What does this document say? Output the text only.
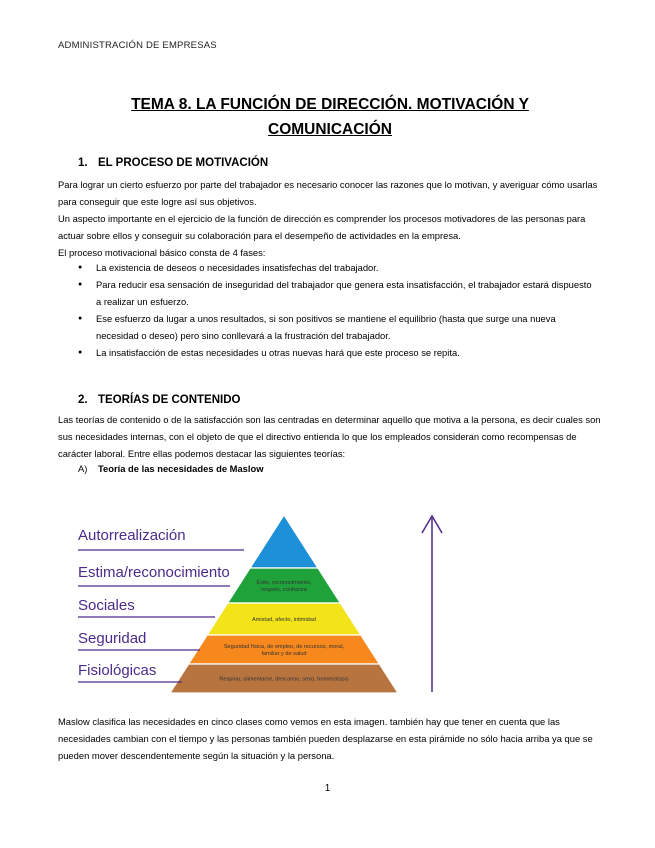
ADMINISTRACIÓN DE EMPRESAS
TEMA 8. LA FUNCIÓN DE DIRECCIÓN. MOTIVACIÓN Y
COMUNICACIÓN
1. EL PROCESO DE MOTIVACIÓN

Para lograr un cierto esfuerzo por parte del trabajador es necesario conocer las razones que lo motivan, y averiguar cómo usarlas para conseguir que este logre así sus objetivos.

Un aspecto importante en el ejercicio de la función de dirección es comprender los procesos motivadores de las personas para actuar sobre ellos y conseguir su colaboración para el desempeño de actividades en la empresa.

El proceso motivacional básico consta de 4 fases:

● La existencia de deseos o necesidades insatisfechas del trabajador.
● Para reducir esa sensación de inseguridad del trabajador que genera esta insatisfacción, el trabajador estará dispuesto a realizar un esfuerzo.
● Ese esfuerzo da lugar a unos resultados, si son positivos se mantiene el equilibrio (hasta que surge una nueva necesidad o deseo) pero sino conllevará a la frustración del trabajador.
● La insatisfacción de estas necesidades u otras nuevas hará que este proceso se repita.
2. TEORÍAS DE CONTENIDO

Las teorías de contenido o de la satisfacción son las centradas en determinar aquello que motiva a la persona, es decir cuales son sus necesidades internas, con el objeto de que el directivo entienda lo que los empleados consideran como recompensas de carácter laboral. Entre ellas podemos destacar las siguientes teorías:

A) Teoría de las necesidades de Maslow
Éxito, reconocimiento, respeto, confianza
Amistad, afecto, intimidad
Seguridad física, de empleo, de recursos, moral, familiar y de salud
Respirar, alimentarse, descanso, sexo, homeostasis
Autorrealización
Estima/reconocimiento
Sociales
Seguridad
Fisiológicas

Maslow clasifica las necesidades en cinco clases como vemos en esta imagen. también hay que tener en cuenta que las necesidades cambian con el tiempo y las personas también pueden desplazarse en esta pirámide no sólo hacia arriba ya que se pueden mover descendentemente según la situación y la persona.

1
